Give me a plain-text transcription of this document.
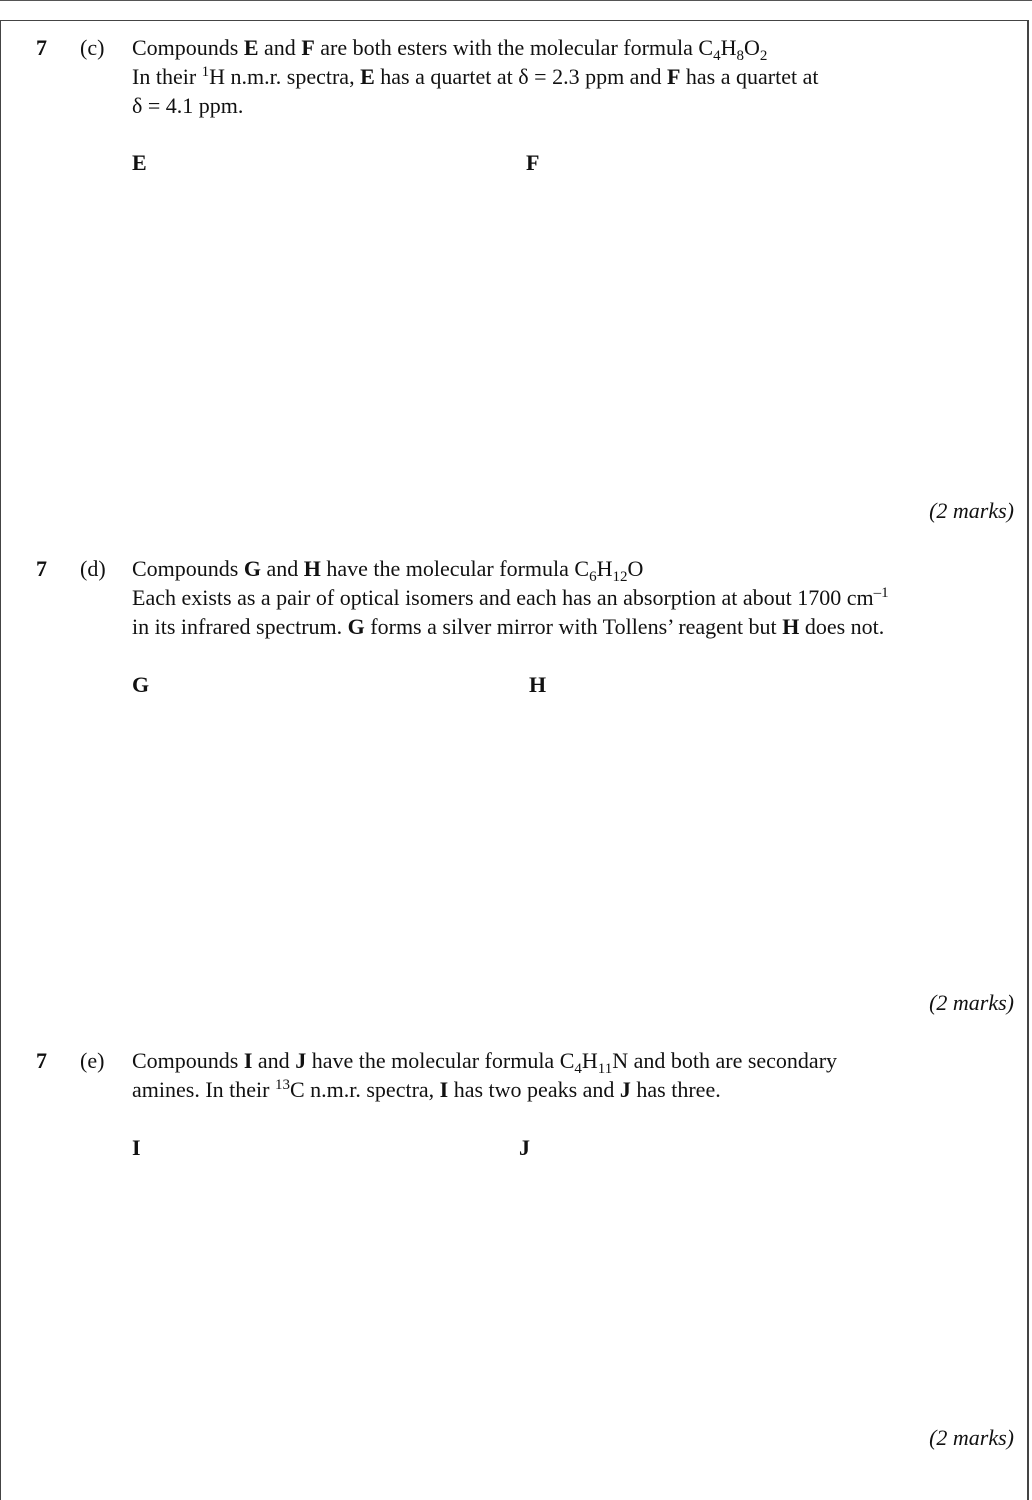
7 (c) Compounds E and F are both esters with the molecular formula $C_4H_8O_2$
In their $^1$H n.m.r. spectra, E has a quartet at δ = 2.3 ppm and F has a quartet at
δ = 4.1 ppm.
E	F
(2 marks)
7 (d) Compounds G and H have the molecular formula $C_6H_{12}O$
Each exists as a pair of optical isomers and each has an absorption at about 1700 $cm^{-1}$
in its infrared spectrum. G forms a silver mirror with Tollens’ reagent but H does not.
G	H
(2 marks)
7 (e) Compounds I and J have the molecular formula $C_4H_{11}N$ and both are secondary
amines. In their $^{13}$C n.m.r. spectra, I has two peaks and J has three.
I	J
(2 marks)
